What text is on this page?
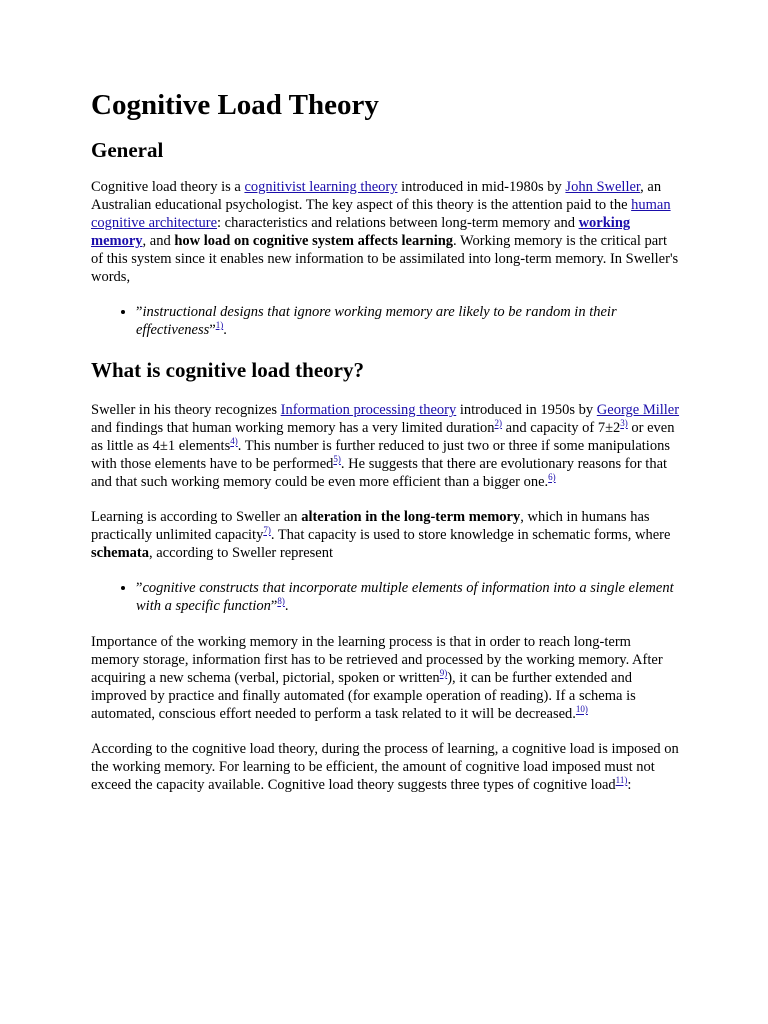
Cognitive Load Theory
General

Cognitive load theory is a cognitivist learning theory introduced in mid-1980s by John Sweller, an Australian educational psychologist. The key aspect of this theory is the attention paid to the human cognitive architecture: characteristics and relations between long-term memory and working memory, and how load on cognitive system affects learning. Working memory is the critical part of this system since it enables new information to be assimilated into long-term memory. In Sweller's words,

• ”instructional designs that ignore working memory are likely to be random in their effectiveness”$^{1)}$.
What is cognitive load theory?

Sweller in his theory recognizes Information processing theory introduced in 1950s by George Miller and findings that human working memory has a very limited duration$^{2)}$ and capacity of 7±2$^{3)}$ or even as little as 4±1 elements$^{4)}$. This number is further reduced to just two or three if some manipulations with those elements have to be performed$^{5)}$. He suggests that there are evolutionary reasons for that and that such working memory could be even more efficient than a bigger one.$^{6)}$

Learning is according to Sweller an alteration in the long-term memory, which in humans has practically unlimited capacity$^{7)}$. That capacity is used to store knowledge in schematic forms, where schemata, according to Sweller represent

• ”cognitive constructs that incorporate multiple elements of information into a single element with a specific function”$^{8)}$.

Importance of the working memory in the learning process is that in order to reach long-term memory storage, information first has to be retrieved and processed by the working memory. After acquiring a new schema (verbal, pictorial, spoken or written$^{9)}$), it can be further extended and improved by practice and finally automated (for example operation of reading). If a schema is automated, conscious effort needed to perform a task related to it will be decreased.$^{10)}$

According to the cognitive load theory, during the process of learning, a cognitive load is imposed on the working memory. For learning to be efficient, the amount of cognitive load imposed must not exceed the capacity available. Cognitive load theory suggests three types of cognitive load$^{11)}$:
